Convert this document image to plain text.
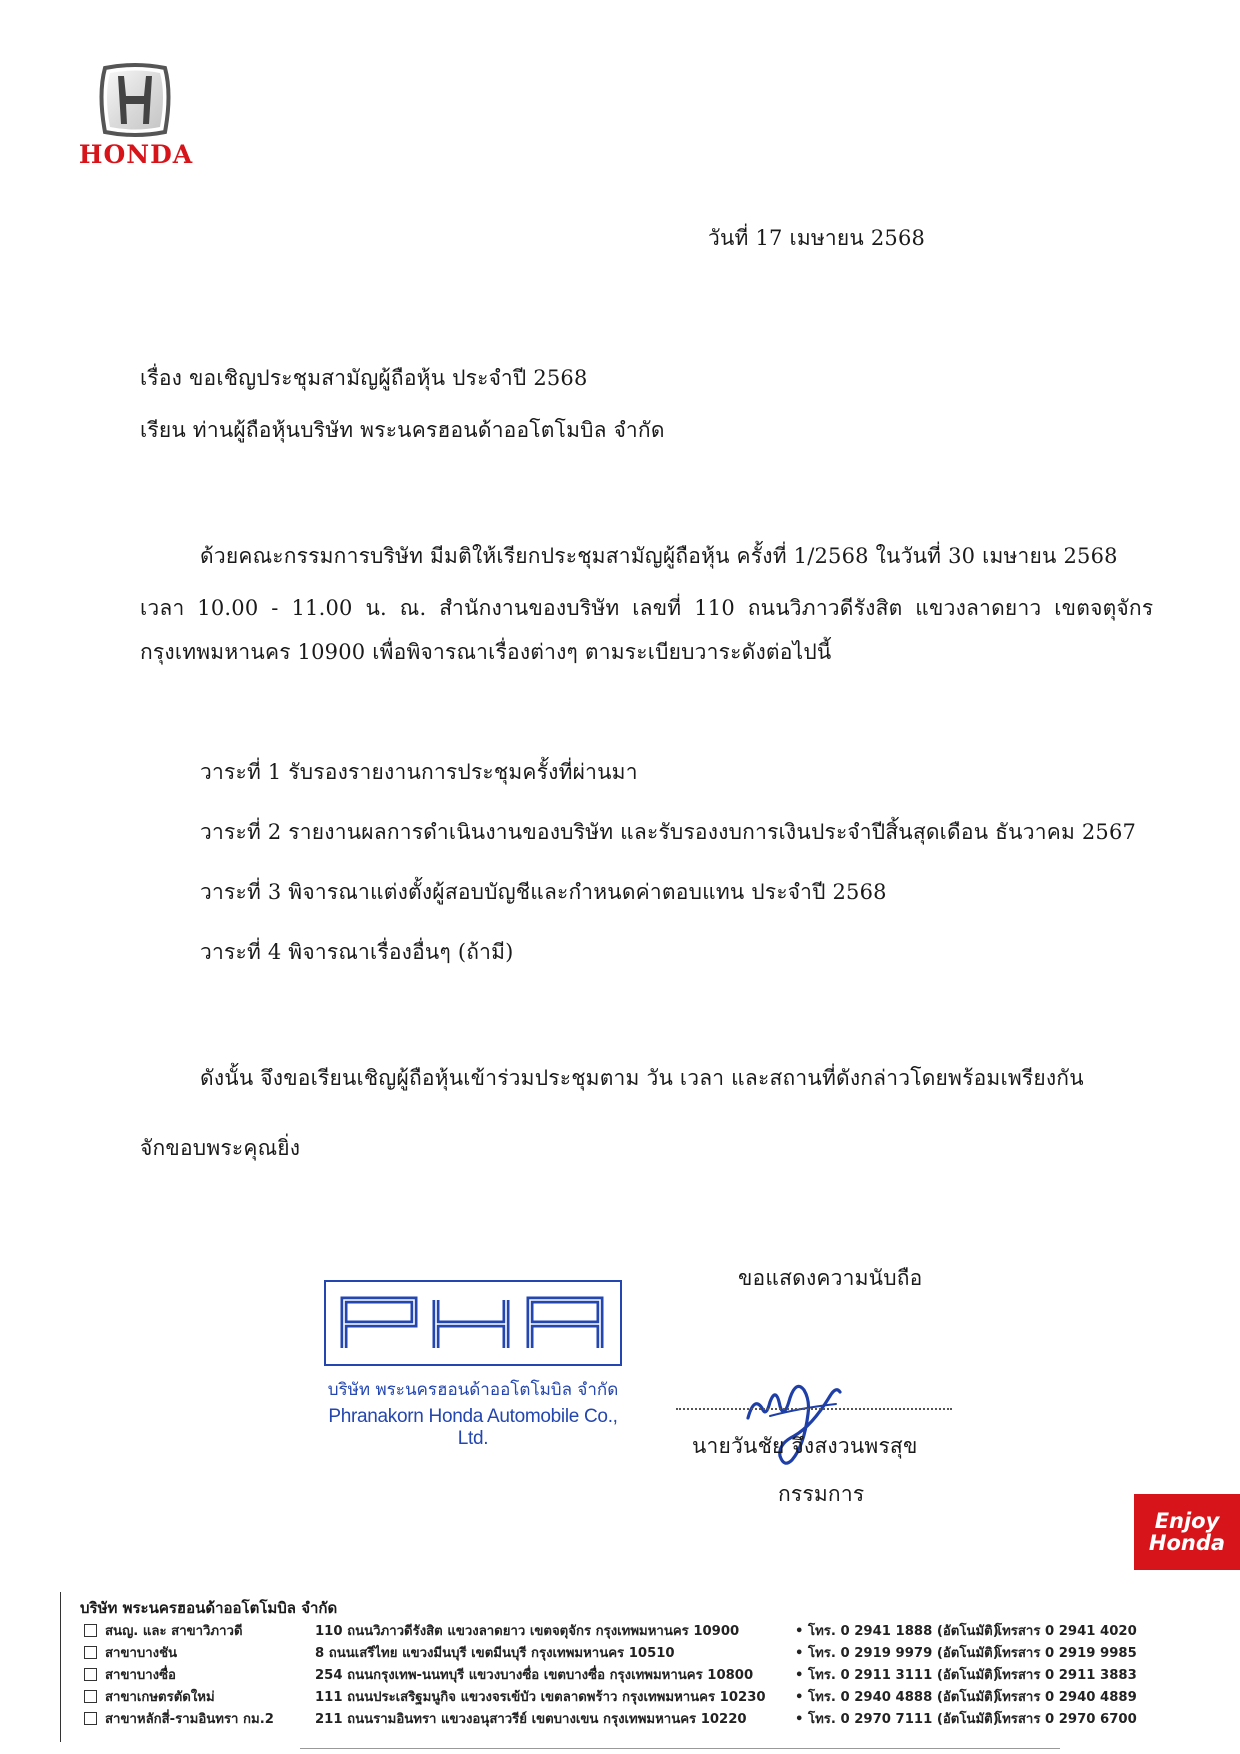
HONDA
วันที่ 17 เมษายน 2568
เรื่อง ขอเชิญประชุมสามัญผู้ถือหุ้น ประจำปี 2568
เรียน ท่านผู้ถือหุ้นบริษัท พระนครฮอนด้าออโตโมบิล จำกัด
ด้วยคณะกรรมการบริษัท มีมติให้เรียกประชุมสามัญผู้ถือหุ้น ครั้งที่ 1/2568 ในวันที่ 30 เมษายน 2568
เวลา 10.00 - 11.00 น. ณ. สำนักงานของบริษัท เลขที่ 110 ถนนวิภาวดีรังสิต แขวงลาดยาว เขตจตุจักร
กรุงเทพมหานคร 10900 เพื่อพิจารณาเรื่องต่างๆ ตามระเบียบวาระดังต่อไปนี้
วาระที่ 1 รับรองรายงานการประชุมครั้งที่ผ่านมา
วาระที่ 2 รายงานผลการดำเนินงานของบริษัท และรับรองงบการเงินประจำปีสิ้นสุดเดือน ธันวาคม 2567
วาระที่ 3 พิจารณาแต่งตั้งผู้สอบบัญชีและกำหนดค่าตอบแทน ประจำปี 2568
วาระที่ 4 พิจารณาเรื่องอื่นๆ (ถ้ามี)
ดังนั้น จึงขอเรียนเชิญผู้ถือหุ้นเข้าร่วมประชุมตาม วัน เวลา และสถานที่ดังกล่าวโดยพร้อมเพรียงกัน
จักขอบพระคุณยิ่ง
ขอแสดงความนับถือ
บริษัท พระนครฮอนด้าออโตโมบิล จำกัด
Phranakorn Honda Automobile Co., Ltd.	นายวันชัย จึงสงวนพรสุข
กรรมการ
Enjoy
Honda
บริษัท พระนครฮอนด้าออโตโมบิล จำกัด
สนญ. และ สาขาวิภาวดี	110 ถนนวิภาวดีรังสิต แขวงลาดยาว เขตจตุจักร กรุงเทพมหานคร 10900	• โทร. 0 2941 1888 (อัตโนมัติ)
โทรสาร 0 2941 4020
สาขาบางชัน	8 ถนนเสรีไทย แขวงมีนบุรี เขตมีนบุรี กรุงเทพมหานคร 10510	• โทร. 0 2919 9979 (อัตโนมัติ)
โทรสาร 0 2919 9985
สาขาบางซื่อ	254 ถนนกรุงเทพ-นนทบุรี แขวงบางซื่อ เขตบางซื่อ กรุงเทพมหานคร 10800	• โทร. 0 2911 3111 (อัตโนมัติ)
โทรสาร 0 2911 3883
สาขาเกษตรตัดใหม่	111 ถนนประเสริฐมนูกิจ แขวงจรเข้บัว เขตลาดพร้าว กรุงเทพมหานคร 10230	• โทร. 0 2940 4888 (อัตโนมัติ)
โทรสาร 0 2940 4889
สาขาหลักสี่-รามอินทรา กม.2	211 ถนนรามอินทรา แขวงอนุสาวรีย์ เขตบางเขน กรุงเทพมหานคร 10220	• โทร. 0 2970 7111 (อัตโนมัติ)
โทรสาร 0 2970 6700
